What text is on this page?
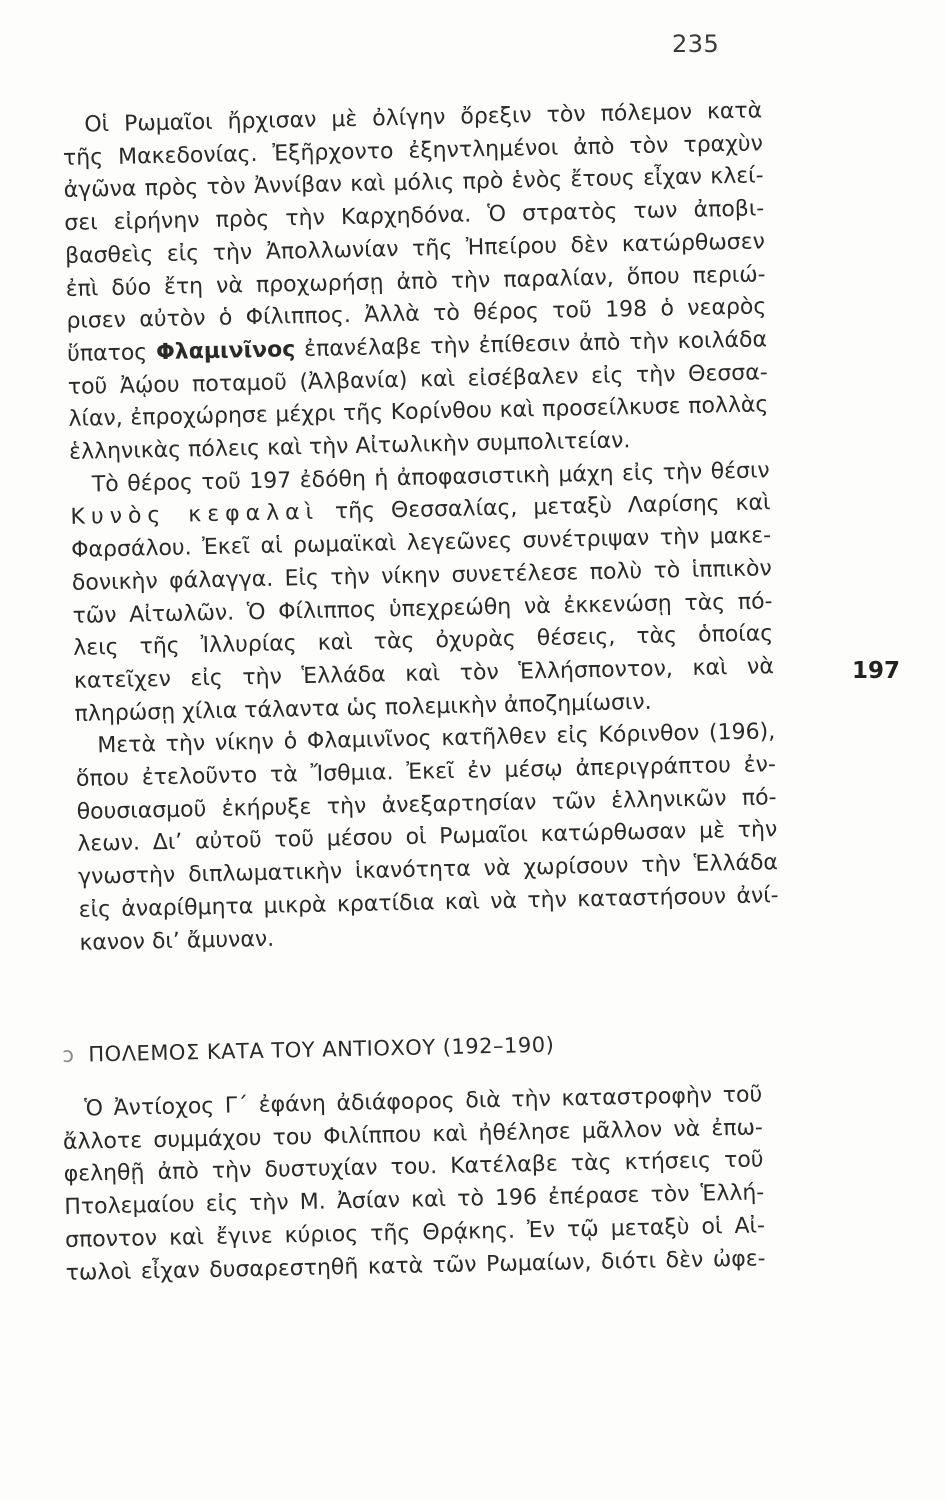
235
197
Οἱ Ρωμαῖοι ἤρχισαν μὲ ὀλίγην ὄρεξιν τὸν πόλεμον κατὰ
τῆς Μακεδονίας. Ἐξῆρχοντο ἐξηντλημένοι ἀπὸ τὸν τραχὺν
ἀγῶνα πρὸς τὸν Ἀννίβαν καὶ μόλις πρὸ ἑνὸς ἔτους εἶχαν κλεί-
σει εἰρήνην πρὸς τὴν Καρχηδόνα. Ὁ στρατὸς των ἀποβι-
βασθεὶς εἰς τὴν Ἀπολλωνίαν τῆς Ἠπείρου δὲν κατώρθωσεν
ἐπὶ δύο ἔτη νὰ προχωρήσῃ ἀπὸ τὴν παραλίαν, ὅπου περιώ-
ρισεν αὐτὸν ὁ Φίλιππος. Ἀλλὰ τὸ θέρος τοῦ 198 ὁ νεαρὸς
ὕπατος Φλαμινῖνος ἐπανέλαβε τὴν ἐπίθεσιν ἀπὸ τὴν κοιλάδα
τοῦ Ἀῴου ποταμοῦ (Ἀλβανία) καὶ εἰσέβαλεν εἰς τὴν Θεσσα-
λίαν, ἐπροχώρησε μέχρι τῆς Κορίνθου καὶ προσείλκυσε πολλὰς
ἑλληνικὰς πόλεις καὶ τὴν Αἰτωλικὴν συμπολιτείαν.
Τὸ θέρος τοῦ 197 ἐδόθη ἡ ἀποφασιστικὴ μάχη εἰς τὴν θέσιν
Κυνὸς κεφαλαὶ τῆς Θεσσαλίας, μεταξὺ Λαρίσης καὶ
Φαρσάλου. Ἐκεῖ αἱ ρωμαϊκαὶ λεγεῶνες συνέτριψαν τὴν μακε-
δονικὴν φάλαγγα. Εἰς τὴν νίκην συνετέλεσε πολὺ τὸ ἱππικὸν
τῶν Αἰτωλῶν. Ὁ Φίλιππος ὑπεχρεώθη νὰ ἐκκενώσῃ τὰς πό-
λεις τῆς Ἰλλυρίας καὶ τὰς ὀχυρὰς θέσεις, τὰς ὁποίας
κατεῖχεν εἰς τὴν Ἑλλάδα καὶ τὸν Ἑλλήσποντον, καὶ νὰ
πληρώσῃ χίλια τάλαντα ὡς πολεμικὴν ἀποζημίωσιν.
Μετὰ τὴν νίκην ὁ Φλαμινῖνος κατῆλθεν εἰς Κόρινθον (196),
ὅπου ἐτελοῦντο τὰ Ἴσθμια. Ἐκεῖ ἐν μέσῳ ἀπεριγράπτου ἐν-
θουσιασμοῦ ἐκήρυξε τὴν ἀνεξαρτησίαν τῶν ἑλληνικῶν πό-
λεων. Δι’ αὐτοῦ τοῦ μέσου οἱ Ρωμαῖοι κατώρθωσαν μὲ τὴν
γνωστὴν διπλωματικὴν ἱκανότητα νὰ χωρίσουν τὴν Ἑλλάδα
εἰς ἀναρίθμητα μικρὰ κρατίδια καὶ νὰ τὴν καταστήσουν ἀνί-
κανον δι’ ἄμυναν.
ↄ ΠΟΛΕΜΟΣ ΚΑΤΑ ΤΟΥ ΑΝΤΙΟΧΟΥ (192–190)
Ὁ Ἀντίοχος Γ΄ ἐφάνη ἀδιάφορος διὰ τὴν καταστροφὴν τοῦ
ἄλλοτε συμμάχου του Φιλίππου καὶ ἠθέλησε μᾶλλον νὰ ἐπω-
φεληθῇ ἀπὸ τὴν δυστυχίαν του. Κατέλαβε τὰς κτήσεις τοῦ
Πτολεμαίου εἰς τὴν Μ. Ἀσίαν καὶ τὸ 196 ἐπέρασε τὸν Ἑλλή-
σποντον καὶ ἔγινε κύριος τῆς Θρᾴκης. Ἐν τῷ μεταξὺ οἱ Αἰ-
τωλοὶ εἶχαν δυσαρεστηθῆ κατὰ τῶν Ρωμαίων, διότι δὲν ὠφε-
